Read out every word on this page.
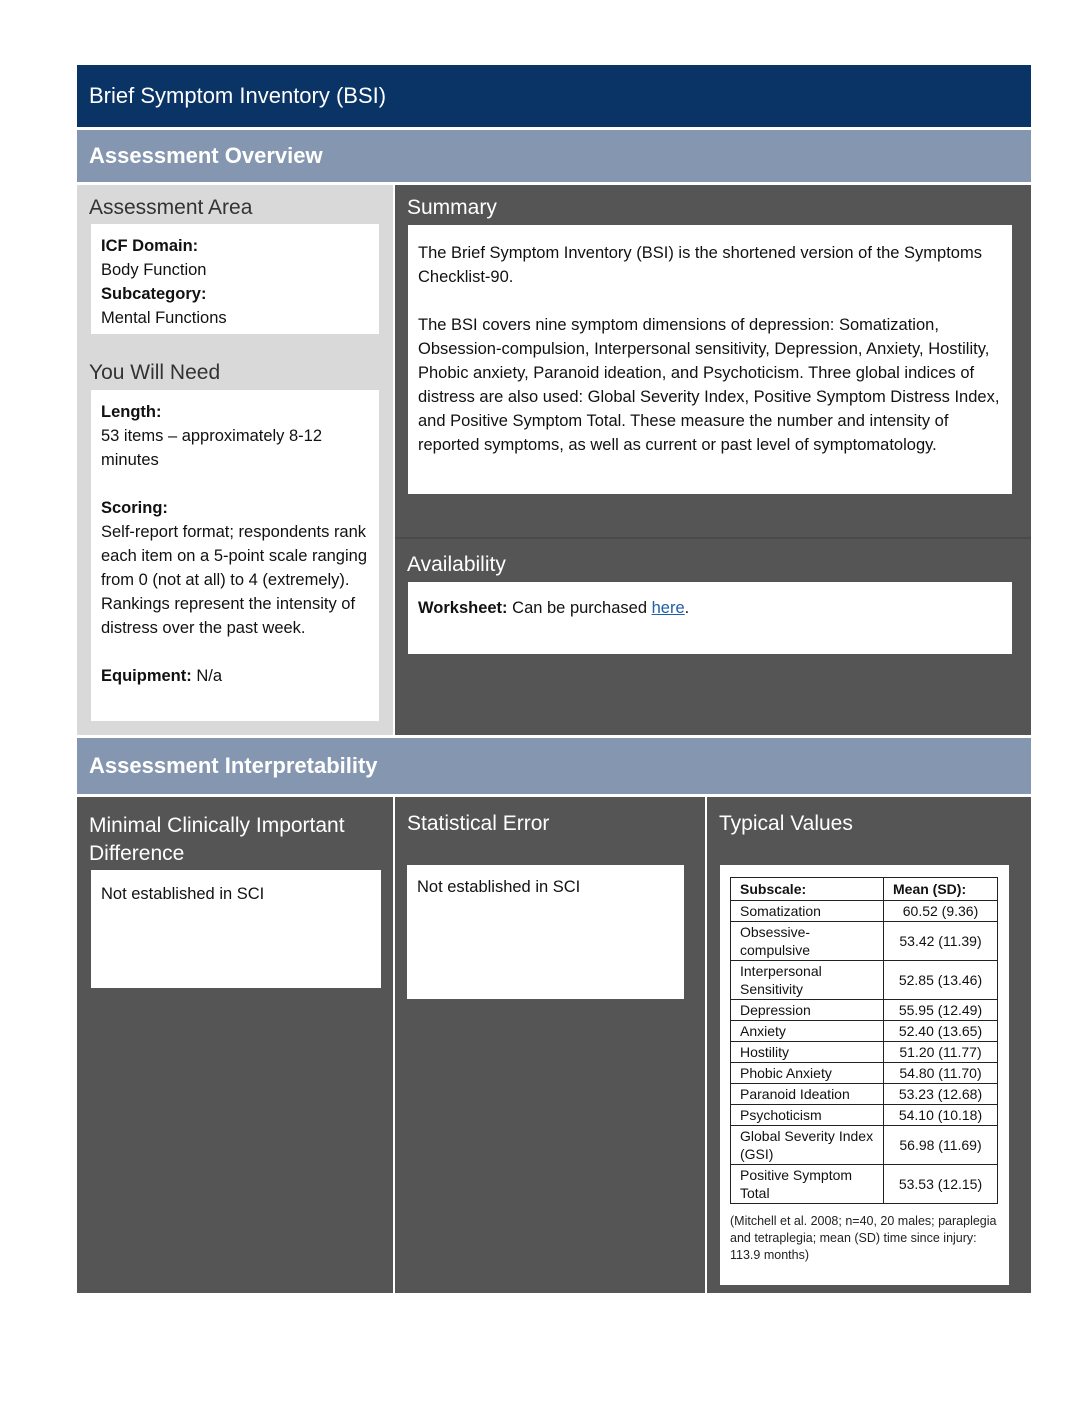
Brief Symptom Inventory (BSI)
Assessment Overview
Assessment Area
ICF Domain:
Body Function
Subcategory:
Mental Functions
You Will Need
Length:
53 items – approximately 8-12 minutes
Scoring:
Self-report format; respondents rank each item on a 5-point scale ranging from 0 (not at all) to 4 (extremely). Rankings represent the intensity of distress over the past week.
Equipment: N/a
Summary
The Brief Symptom Inventory (BSI) is the shortened version of the Symptoms Checklist-90.
The BSI covers nine symptom dimensions of depression: Somatization, Obsession-compulsion, Interpersonal sensitivity, Depression, Anxiety, Hostility, Phobic anxiety, Paranoid ideation, and Psychoticism. Three global indices of distress are also used: Global Severity Index, Positive Symptom Distress Index, and Positive Symptom Total. These measure the number and intensity of reported symptoms, as well as current or past level of symptomatology.
Availability
Worksheet: Can be purchased here.
Assessment Interpretability
Minimal Clinically Important Difference
Not established in SCI
Statistical Error
Not established in SCI
Typical Values
Subscale:	Mean (SD):
Somatization	60.52 (9.36)
Obsessive-compulsive	53.42 (11.39)
Interpersonal Sensitivity	52.85 (13.46)
Depression	55.95 (12.49)
Anxiety	52.40 (13.65)
Hostility	51.20 (11.77)
Phobic Anxiety	54.80 (11.70)
Paranoid Ideation	53.23 (12.68)
Psychoticism	54.10 (10.18)
Global Severity Index (GSI)	56.98 (11.69)
Positive Symptom Total	53.53 (12.15)
(Mitchell et al. 2008; n=40, 20 males; paraplegia and tetraplegia; mean (SD) time since injury: 113.9 months)
